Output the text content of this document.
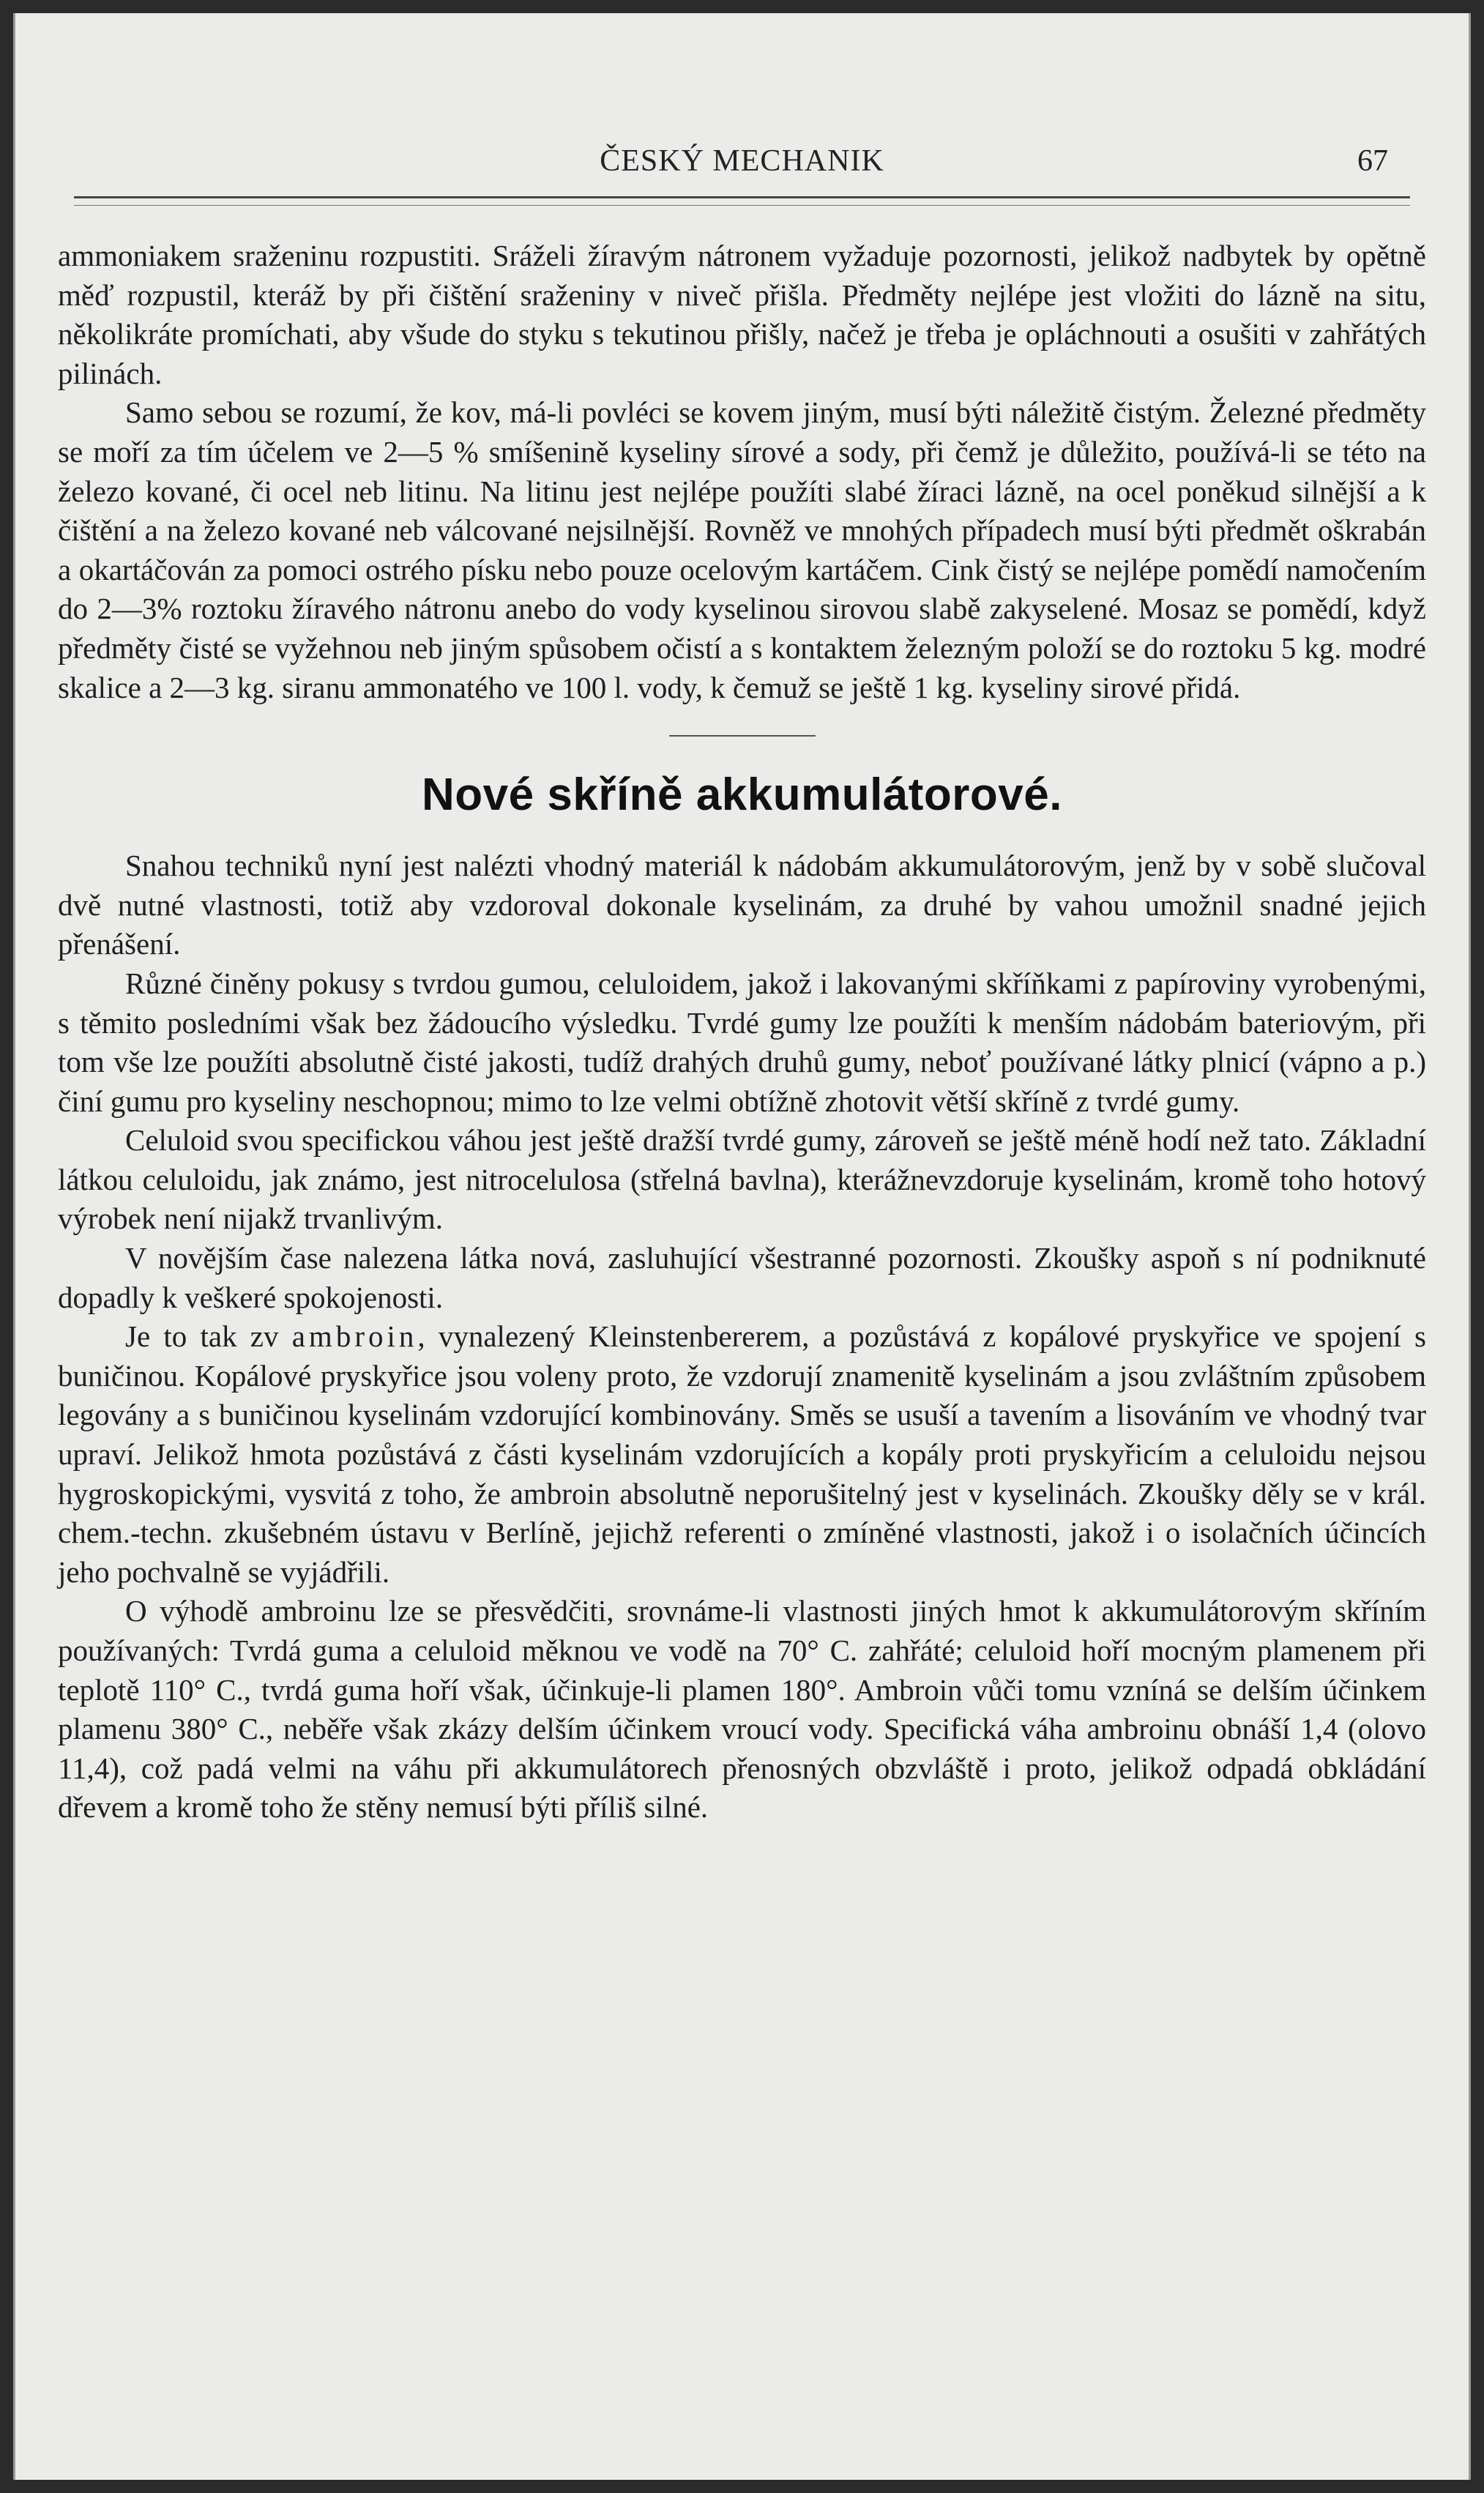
ČESKÝ MECHANIK	67

ammoniakem sraženinu rozpustiti. Sráželi žíravým nátronem vyžaduje pozornosti, jelikož nadbytek by opětně měď rozpustil, kteráž by při čištění sraženiny v niveč přišla. Předměty nejlépe jest vložiti do lázně na situ, několikráte promíchati, aby všude do styku s tekutinou přišly, načež je třeba je opláchnouti a osušiti v zahřátých pilinách.

Samo sebou se rozumí, že kov, má-li povléci se kovem jiným, musí býti náležitě čistým. Železné předměty se moří za tím účelem ve 2—5 % smíšenině kyseliny sírové a sody, při čemž je důležito, používá-li se této na železo kované, či ocel neb litinu. Na litinu jest nejlépe použíti slabé žíraci lázně, na ocel poněkud silnější a k čištění a na železo kované neb válcované nejsilnější. Rovněž ve mnohých případech musí býti předmět oškrabán a okartáčován za pomoci ostrého písku nebo pouze ocelovým kartáčem. Cink čistý se nejlépe pomědí namočením do 2—3% roztoku žíravého nátronu anebo do vody kyselinou sirovou slabě zakyselené. Mosaz se pomědí, když předměty čisté se vyžehnou neb jiným spůsobem očistí a s kontaktem železným položí se do roztoku 5 kg. modré skalice a 2—3 kg. siranu ammonatého ve 100 l. vody, k čemuž se ještě 1 kg. kyseliny sirové přidá.

Nové skříně akkumulátorové.

Snahou techniků nyní jest nalézti vhodný materiál k nádobám akkumulátorovým, jenž by v sobě slučoval dvě nutné vlastnosti, totiž aby vzdoroval dokonale kyselinám, za druhé by vahou umožnil snadné jejich přenášení.

Různé činěny pokusy s tvrdou gumou, celuloidem, jakož i lakovanými skříňkami z papíroviny vyrobenými, s těmito posledními však bez žádoucího výsledku. Tvrdé gumy lze použíti k menším nádobám bateriovým, při tom vše lze použíti absolutně čisté jakosti, tudíž drahých druhů gumy, neboť používané látky plnicí (vápno a p.) činí gumu pro kyseliny neschopnou; mimo to lze velmi obtížně zhotovit větší skříně z tvrdé gumy.

Celuloid svou specifickou váhou jest ještě dražší tvrdé gumy, zároveň se ještě méně hodí než tato. Základní látkou celuloidu, jak známo, jest nitrocelulosa (střelná bavlna), kterážnevzdoruje kyselinám, kromě toho hotový výrobek není nijakž trvanlivým.

V novějším čase nalezena látka nová, zasluhující všestranné pozornosti. Zkoušky aspoň s ní podniknuté dopadly k veškeré spokojenosti.

Je to tak zv ambroin, vynalezený Kleinstenbererem, a pozůstává z kopálové pryskyřice ve spojení s buničinou. Kopálové pryskyřice jsou voleny proto, že vzdorují znamenitě kyselinám a jsou zvláštním způsobem legovány a s buničinou kyselinám vzdorující kombinovány. Směs se usuší a tavením a lisováním ve vhodný tvar upraví. Jelikož hmota pozůstává z části kyselinám vzdorujících a kopály proti pryskyřicím a celuloidu nejsou hygroskopickými, vysvitá z toho, že ambroin absolutně neporušitelný jest v kyselinách. Zkoušky děly se v král. chem.-techn. zkušebném ústavu v Berlíně, jejichž referenti o zmíněné vlastnosti, jakož i o isolačních účincích jeho pochvalně se vyjádřili.

O výhodě ambroinu lze se přesvědčiti, srovnáme-li vlastnosti jiných hmot k akkumulátorovým skříním používaných: Tvrdá guma a celuloid měknou ve vodě na 70° C. zahřáté; celuloid hoří mocným plamenem při teplotě 110° C., tvrdá guma hoří však, účinkuje-li plamen 180°. Ambroin vůči tomu vzníná se delším účinkem plamenu 380° C., neběře však zkázy delším účinkem vroucí vody. Specifická váha ambroinu obnáší 1,4 (olovo 11,4), což padá velmi na váhu při akkumulátorech přenosných obzvláště i proto, jelikož odpadá obkládání dřevem a kromě toho že stěny nemusí býti příliš silné.
